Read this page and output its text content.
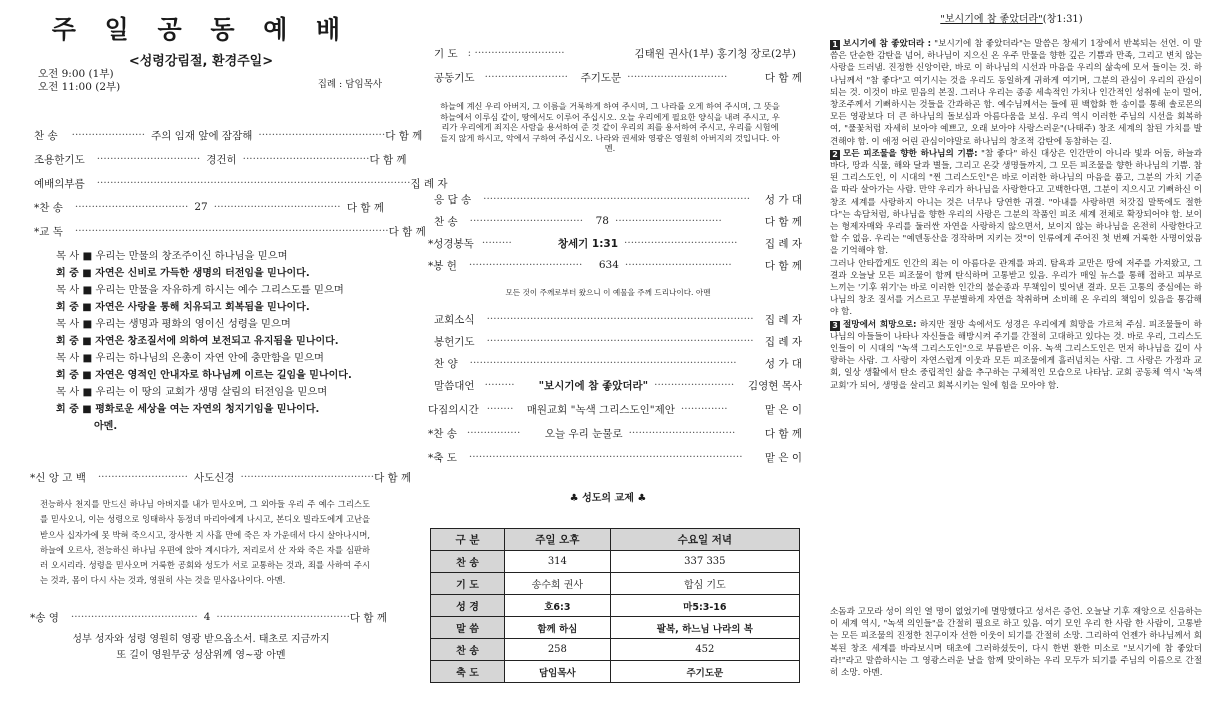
주 일 공 동 예 배
<성령강림절, 환경주일>
오전 9:00 (1부)
오전 11:00 (2부)	집례 : 담임목사
찬 송 ······················ 주의 임재 앞에 잠잠해 ······································ 다 함 께
조용한기도 ······························· 경건히 ······································ 다 함 께
예배의부름 ······························································································ 집 례 자
*찬 송 ·································· 27 ······································ 다 함 께
*교 독 ······························································································ 다 함 께
목 사 ■ 우리는 만물의 창조주이신 하나님을 믿으며
회 중 ■ 자연은 신비로 가득한 생명의 터전임을 믿나이다.
목 사 ■ 우리는 만물을 자유하게 하시는 예수 그리스도를 믿으며
회 중 ■ 자연은 사랑을 통해 치유되고 회복됨을 믿나이다.
목 사 ■ 우리는 생명과 평화의 영이신 성령을 믿으며
회 중 ■ 자연은 창조질서에 의하여 보전되고 유지됨을 믿나이다.
목 사 ■ 우리는 하나님의 은총이 자연 안에 충만함을 믿으며
회 중 ■ 자연은 영적인 안내자로 하나님께 이르는 길임을 믿나이다.
목 사 ■ 우리는 이 땅의 교회가 생명 살림의 터전임을 믿으며
회 중 ■ 평화로운 세상을 여는 자연의 청지기임을 믿나이다.
아멘.
*신 앙 고 백 ··························· 사도신경 ········································ 다 함 께
전능하사 천지를 만드신 하나님 아버지를 내가 믿사오며, 그 외아들 우리 주 예수 그리스도를 믿사오니, 이는 성령으로 잉태하사 동정녀 마리아에게 나시고, 본디오 빌라도에게 고난을 받으사 십자가에 못 박혀 죽으시고, 장사한 지 사흘 만에 죽은 자 가운데서 다시 살아나시며, 하늘에 오르사, 전능하신 하나님 우편에 앉아 계시다가, 저리로서 산 자와 죽은 자를 심판하러 오시리라. 성령을 믿사오며 거룩한 공회와 성도가 서로 교통하는 것과, 죄를 사하여 주시는 것과, 몸이 다시 사는 것과, 영원히 사는 것을 믿사옵나이다. 아멘.
*송 영 ······································ 4 ········································ 다 함 께
성부 성자와 성령 영원히 영광 받으옵소서. 태초로 지금까지
또 길이 영원무궁 성삼위께 영~광 아멘
기 도 : ···························	김태원 권사(1부) 홍기청 장로(2부)
공동기도 ·························	주기도문 ······························	다 함 께
하늘에 계신 우리 아버지, 그 이름을 거룩하게 하여 주시며, 그 나라를 오게 하여 주시며, 그 뜻을 하늘에서 이루심 같이, 땅에서도 이루어 주십시오. 오늘 우리에게 필요한 양식을 내려 주시고, 우리가 우리에게 죄지은 사람을 용서하여 준 것 같이 우리의 죄를 용서하여 주시고, 우리를 시험에 들지 않게 하시고, 악에서 구하여 주십시오. 나라와 권세와 영광은 영원히 아버지의 것입니다. 아멘.
응 답 송 ················································································	성 가 대
찬 송 ··································	78 ································	다 함 께
*성경봉독 ·········	창세기 1:31 ··································	집 례 자
*봉 헌 ··································	634 ································	다 함 께
모든 것이 주께로부터 왔으니 이 예물을 주께 드리나이다. 아멘
교회소식 ················································································	집 례 자
봉헌기도 ················································································	집 례 자
찬 양 ················································································	성 가 대
말씀대언 ·········	"보시기에 참 좋았더라" ························	김영현 목사
다짐의시간 ········	매원교회 "녹색 그리스도인"제안 ··············	맡 은 이
*찬 송 ················	오늘 우리 눈물로 ································	다 함 께
*축 도 ··················································································	맡 은 이
♣ 성도의 교제 ♣
구 분	주일 오후	수요일 저녁
찬 송	314	337 335
기 도	송수희 권사	합심 기도
성 경	호6:3	마5:3-16
말 씀	함께 하심	팔복, 하느님 나라의 복
찬 송	258	452
축 도	담임목사	주기도문
"보시기에 참 좋았더라"(창1:31)

1 보시기에 참 좋았더라 : "보시기에 참 좋았더라"는 말씀은 창세기 1장에서 반복되는 선언. 이 말씀은 단순한 감탄을 넘어, 하나님이 지으신 온 우주 만물을 향한 깊은 기쁨과 만족, 그리고 변치 않는 사랑을 드러냄. 진정한 신앙이란, 바로 이 하나님의 시선과 마음을 우리의 삶속에 모셔 들이는 것. 하나님께서 "참 좋다"고 여기시는 것을 우리도 동일하게 귀하게 여기며, 그분의 관심이 우리의 관심이 되는 것. 이것이 바로 믿음의 본질. 그러나 우리는 종종 세속적인 가치나 인간적인 성취에 눈이 멀어, 창조주께서 기뻐하시는 것들을 간과하곤 함. 예수님께서는 들에 핀 백합화 한 송이를 통해 솔로몬의 모든 영광보다 더 큰 하나님의 돌보심과 아름다움을 보심. 우리 역시 이러한 주님의 시선을 회복하여, "풀꽃처럼 자세히 보아야 예쁘고, 오래 보아야 사랑스러운"(나태주) 창조 세계의 참된 가치를 발견해야 함. 이 애정 어린 관심이야말로 하나님의 창조적 감탄에 동참하는 길.

2 모든 피조물을 향한 하나님의 기쁨: "참 좋다" 하신 대상은 인간만이 아니라 빛과 어둠, 하늘과 바다, 땅과 식물, 해와 달과 별들, 그리고 온갖 생명들까지, 그 모든 피조물을 향한 하나님의 기쁨. 참된 그리스도인, 이 시대의 "찐 그리스도인"은 바로 이러한 하나님의 마음을 품고, 그분의 가치 기준을 따라 살아가는 사람. 만약 우리가 하나님을 사랑한다고 고백한다면, 그분이 지으시고 기뻐하신 이 창조 세계를 사랑하지 아니는 것은 너무나 당연한 귀결. "아내를 사랑하면 처갓집 말뚝에도 절한다"는 속담처럼, 하나님을 향한 우리의 사랑은 그분의 작품인 피조 세계 전체로 확장되어야 함. 보이는 형제자매와 우리를 둘러싼 자연을 사랑하지 않으면서, 보이지 않는 하나님을 온전히 사랑한다고 할 수 없음. 우리는 "예덴동산을 경작하며 지키는 것"이 인류에게 주어진 첫 번째 거룩한 사명이었음을 기억해야 함.
그러나 안타깝게도 인간의 죄는 이 아름다운 관계를 파괴. 탐욕과 교만은 땅에 저주를 가져왔고, 그 결과 오늘날 모든 피조물이 함께 탄식하며 고통받고 있음. 우리가 매일 뉴스를 통해 접하고 피부로 느끼는 '기후 위기'는 바로 이러한 인간의 불순종과 무책임이 빚어낸 결과. 모든 고통의 중심에는 하나님의 창조 질서를 거스르고 무분별하게 자연을 착취하며 소비해 온 우리의 책임이 있음을 통감해야 함.

3 절망에서 희망으로: 하지만 절망 속에서도 성경은 우리에게 희망을 가르쳐 주심. 피조물들이 하나님의 아들들이 나타나 자신들을 해방시켜 주기를 간절히 고대하고 있다는 것. 바로 우리, 그리스도인들이 이 시대의 "녹색 그리스도인"으로 부름받은 이유. 녹색 그리스도인은 먼저 하나님을 깊이 사랑하는 사람. 그 사랑이 자연스럽게 이웃과 모든 피조물에게 흘러넘치는 사람. 그 사랑은 가정과 교회, 일상 생활에서 탄소 중립적인 삶을 추구하는 구체적인 모습으로 나타남. 교회 공동체 역시 '녹색 교회'가 되어, 생명을 살리고 회복시키는 일에 힘을 모아야 함.

소돔과 고모라 성이 의인 열 명이 없었기에 멸망했다고 성서은 증언. 오늘날 기후 재앙으로 신음하는 이 세계 역시, "녹색 의인들"을 간절히 필요로 하고 있음. 여기 모인 우리 한 사람 한 사람이, 고통받는 모든 피조물의 진정한 친구이자 선한 이웃이 되기를 간절히 소망. 그리하여 언젠가 하나님께서 회복된 창조 세계를 바라보시며 태초에 그러하셨듯이, 다시 한번 환한 미소로 "보시기에 참 좋았더라!"라고 말씀하시는 그 영광스러운 날을 함께 맞이하는 우리 모두가 되기를 주님의 이름으로 간절히 소망. 아멘.
